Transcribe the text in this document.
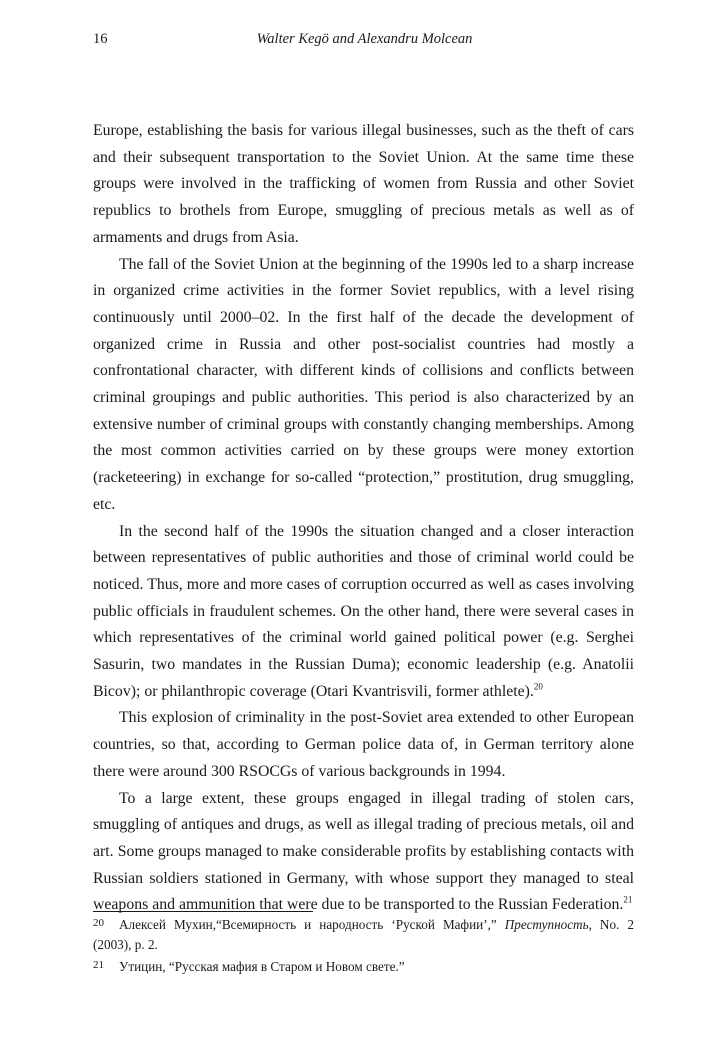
16	Walter Kegö and Alexandru Molcean

Europe, establishing the basis for various illegal businesses, such as the theft of cars and their subsequent transportation to the Soviet Union. At the same time these groups were involved in the trafficking of women from Russia and other Soviet republics to brothels from Europe, smuggling of precious metals as well as of armaments and drugs from Asia.

The fall of the Soviet Union at the beginning of the 1990s led to a sharp increase in organized crime activities in the former Soviet republics, with a level rising continuously until 2000–02. In the first half of the decade the development of organized crime in Russia and other post-socialist countries had mostly a confrontational character, with different kinds of collisions and conflicts between criminal groupings and public authorities. This period is also characterized by an extensive number of criminal groups with constantly changing memberships. Among the most common activities carried on by these groups were money extortion (racketeering) in exchange for so-called “protection,” prostitution, drug smuggling, etc.

In the second half of the 1990s the situation changed and a closer interaction between representatives of public authorities and those of criminal world could be noticed. Thus, more and more cases of corruption occurred as well as cases involving public officials in fraudulent schemes. On the other hand, there were several cases in which representatives of the criminal world gained political power (e.g. Serghei Sasurin, two mandates in the Russian Duma); economic leadership (e.g. Anatolii Bicov); or philanthropic coverage (Otari Kvantrisvili, former athlete).$^{20}$

This explosion of criminality in the post-Soviet area extended to other European countries, so that, according to German police data of, in German territory alone there were around 300 RSOCGs of various backgrounds in 1994.

To a large extent, these groups engaged in illegal trading of stolen cars, smuggling of antiques and drugs, as well as illegal trading of precious metals, oil and art. Some groups managed to make considerable profits by establishing contacts with Russian soldiers stationed in Germany, with whose support they managed to steal weapons and ammunition that were due to be transported to the Russian Federation.$^{21}$

20 Алексей Мухин,“Всемирность и народность ‘Руской Мафии’,” Преступность, No. 2 (2003), p. 2.

21 Утицин, “Русская мафия в Старом и Новом свете.”
